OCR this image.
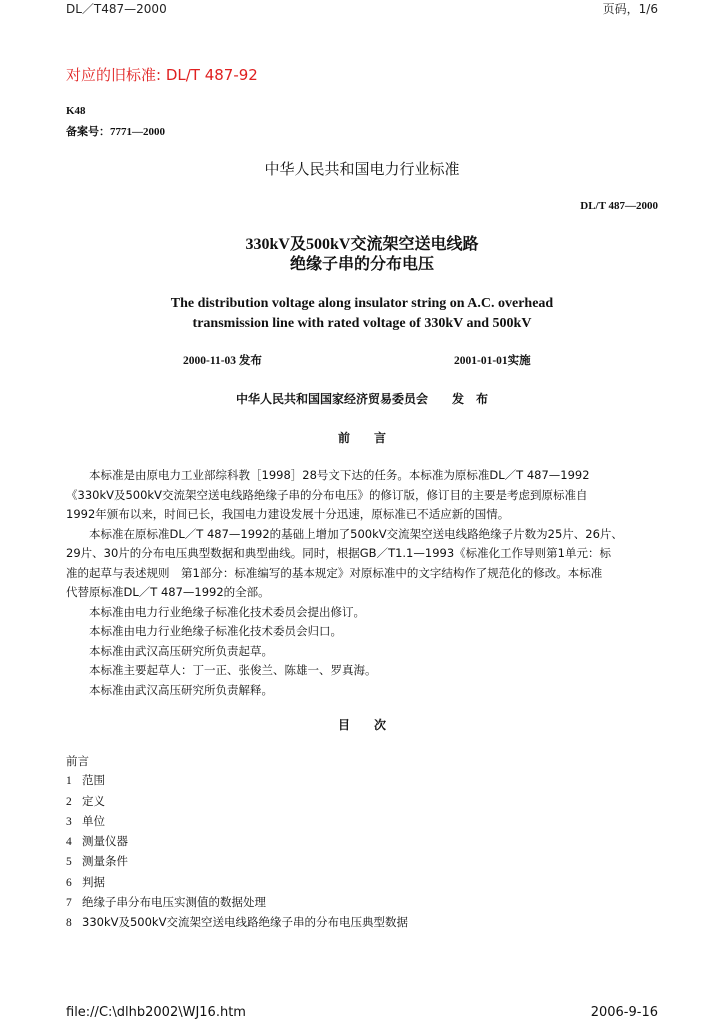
DL／T487—2000	页码，1/6
对应的旧标准: DL/T 487-92
K48
备案号：7771—2000
中华人民共和国电力行业标准
DL/T 487—2000
330kV及500kV交流架空送电线路
绝缘子串的分布电压
The distribution voltage along insulator string on A.C. overhead
transmission line with rated voltage of 330kV and 500kV
2000-11-03 发布	2001-01-01实施
中华人民共和国国家经济贸易委员会　　发　布
前　　言
　　本标准是由原电力工业部综科教［1998］28号文下达的任务。本标准为原标准DL／T 487—1992
《330kV及500kV交流架空送电线路绝缘子串的分布电压》的修订版，修订目的主要是考虑到原标准自
1992年颁布以来，时间已长，我国电力建设发展十分迅速，原标准已不适应新的国情。
　　本标准在原标准DL／T 487—1992的基础上增加了500kV交流架空送电线路绝缘子片数为25片、26片、
29片、30片的分布电压典型数据和典型曲线。同时，根据GB／T1.1—1993《标准化工作导则第1单元：标
准的起草与表述规则　第1部分：标准编写的基本规定》对原标准中的文字结构作了规范化的修改。本标准
代替原标准DL／T 487—1992的全部。
　　本标准由电力行业绝缘子标准化技术委员会提出修订。
　　本标准由电力行业绝缘子标准化技术委员会归口。
　　本标准由武汉高压研究所负责起草。
　　本标准主要起草人：丁一正、张俊兰、陈雄一、罗真海。
　　本标准由武汉高压研究所负责解释。
目　　次
前言
1 范围
2 定义
3 单位
4 测量仪器
5 测量条件
6 判据
7 绝缘子串分布电压实测值的数据处理
8 330kV及500kV交流架空送电线路绝缘子串的分布电压典型数据
file://C:\dlhb2002\WJ16.htm	2006-9-16
